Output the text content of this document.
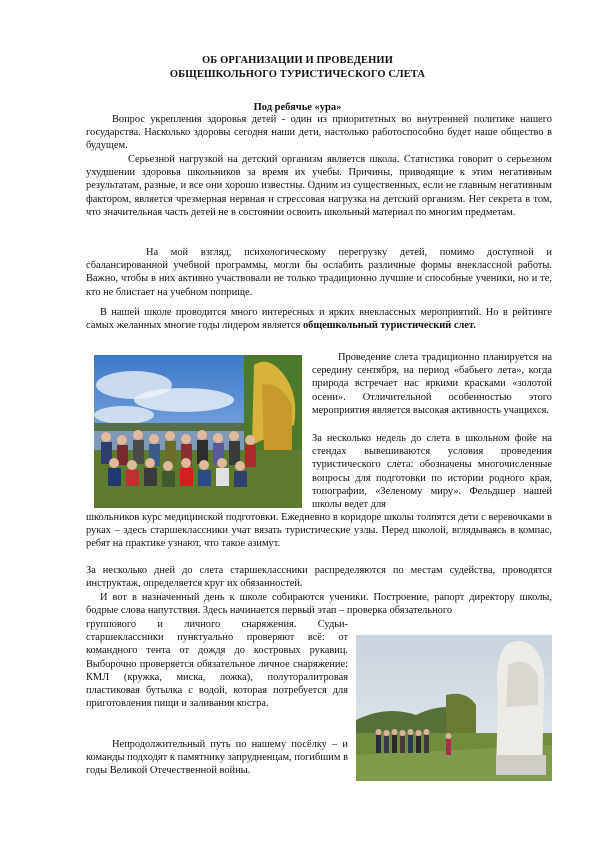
ОБ ОРГАНИЗАЦИИ И ПРОВЕДЕНИИ
ОБЩЕШКОЛЬНОГО ТУРИСТИЧЕСКОГО СЛЕТА
Под ребячье «ура»
Вопрос укрепления здоровья детей - один из приоритетных во внутренней политике нашего государства. Насколько здоровы сегодня наши дети, настолько работоспособно будет наше общество в будущем.
Серьезной нагрузкой на детский организм является школа. Статистика говорит о серьезном ухудшении здоровья школьников за время их учебы. Причины, приводящие к этим негативным результатам, разные, и все они хорошо известны. Одним из существенных, если не главным негативным фактором, является чрезмерная нервная и стрессовая нагрузка на детский организм. Нет секрета в том, что значительная часть детей не в состоянии освоить школьный материал по многим предметам.
На мой взгляд, психологическому перегрузку детей, помимо доступной и сбалансированной учебной программы, могли бы ослабить различные формы внеклассной работы. Важно, чтобы в них активно участвовали не только традиционно лучшие и способные ученики, но и те, кто не блистает на учебном поприще.
В нашей школе проводится много интересных и ярких внеклассных мероприятий. Но в рейтинге самых желанных многие годы лидером является общешкольный туристический слет.
Проведение слета традиционно планируется на середину сентября, на период «бабьего лета», когда природа встречает нас яркими красками «золотой осени». Отличительной особенностью этого мероприятия является высокая активность учащихся.
За несколько недель до слета в школьном фойе на стендах вывешиваются условия проведения туристического слета: обозначены многочисленные вопросы для подготовки по истории родного края, топографии, «Зеленому миру». Фельдшер нашей школы ведет для
школьников курс медицинской подготовки. Ежедневно в коридоре школы толпятся дети с веревочками в руках – здесь старшеклассники учат вязать туристические узлы. Перед школой, вглядываясь в компас, ребят на практике узнают, что такое азимут.
За несколько дней до слета старшеклассники распределяются по местам судейства, проводятся инструктаж, определяется круг их обязанностей.
И вот в назначенный день к школе собираются ученики. Построение, рапорт директору школы, бодрые слова напутствия. Здесь начинается первый этап – проверка обязательного
группового и личного снаряжения. Судьи-старшеклассники пунктуально проверяют всё: от командного тента от дождя до костровых рукавиц. Выборочно проверяется обязательное личное снаряжение: КМЛ (кружка, миска, ложка), полуторалитровая пластиковая бутылка с водой, которая потребуется для приготовления пищи и заливания костра.
Непродолжительный путь по нашему посёлку – и команды подходят к памятнику запрудненцам, погибшим в годы Великой Отечественной войны.
